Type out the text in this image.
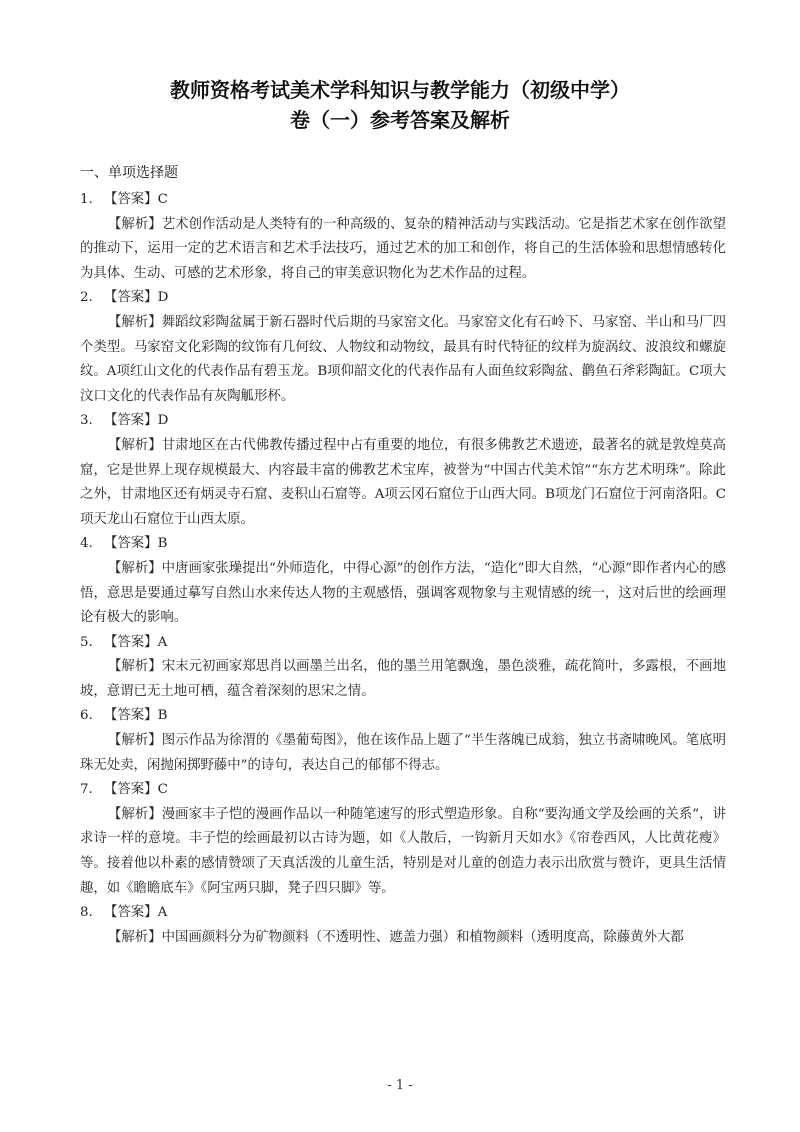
教师资格考试美术学科知识与教学能力（初级中学）
卷（一）参考答案及解析
一、单项选择题

1. 【答案】C

【解析】艺术创作活动是人类特有的一种高级的、复杂的精神活动与实践活动。它是指艺术家在创作欲望的推动下，运用一定的艺术语言和艺术手法技巧，通过艺术的加工和创作，将自己的生活体验和思想情感转化为具体、生动、可感的艺术形象，将自己的审美意识物化为艺术作品的过程。

2. 【答案】D

【解析】舞蹈纹彩陶盆属于新石器时代后期的马家窑文化。马家窑文化有石岭下、马家窑、半山和马厂四个类型。马家窑文化彩陶的纹饰有几何纹、人物纹和动物纹，最具有时代特征的纹样为旋涡纹、波浪纹和螺旋纹。A项红山文化的代表作品有碧玉龙。B项仰韶文化的代表作品有人面鱼纹彩陶盆、鹳鱼石斧彩陶缸。C项大汶口文化的代表作品有灰陶觚形杯。

3. 【答案】D

【解析】甘肃地区在古代佛教传播过程中占有重要的地位，有很多佛教艺术遗迹，最著名的就是敦煌莫高窟，它是世界上现存规模最大、内容最丰富的佛教艺术宝库，被誉为“中国古代美术馆”“东方艺术明珠”。除此之外，甘肃地区还有炳灵寺石窟、麦积山石窟等。A项云冈石窟位于山西大同。B项龙门石窟位于河南洛阳。C项天龙山石窟位于山西太原。

4. 【答案】B

【解析】中唐画家张璪提出“外师造化，中得心源”的创作方法，“造化”即大自然，“心源”即作者内心的感悟，意思是要通过摹写自然山水来传达人物的主观感悟，强调客观物象与主观情感的统一，这对后世的绘画理论有极大的影响。

5. 【答案】A

【解析】宋末元初画家郑思肖以画墨兰出名，他的墨兰用笔飘逸，墨色淡雅，疏花简叶，多露根，不画地坡，意谓已无土地可栖，蕴含着深刻的思宋之情。

6. 【答案】B

【解析】图示作品为徐渭的《墨葡萄图》，他在该作品上题了“半生落魄已成翁，独立书斋啸晚风。笔底明珠无处卖，闲抛闲掷野藤中”的诗句，表达自己的郁郁不得志。

7. 【答案】C

【解析】漫画家丰子恺的漫画作品以一种随笔速写的形式塑造形象。自称“要沟通文学及绘画的关系”，讲求诗一样的意境。丰子恺的绘画最初以古诗为题，如《人散后，一钩新月天如水》《帘卷西风，人比黄花瘦》等。接着他以朴素的感情赞颂了天真活泼的儿童生活，特别是对儿童的创造力表示出欣赏与赞许，更具生活情趣，如《瞻瞻底车》《阿宝两只脚，凳子四只脚》等。

8. 【答案】A

【解析】中国画颜料分为矿物颜料（不透明性、遮盖力强）和植物颜料（透明度高，除藤黄外大都

- 1 -
